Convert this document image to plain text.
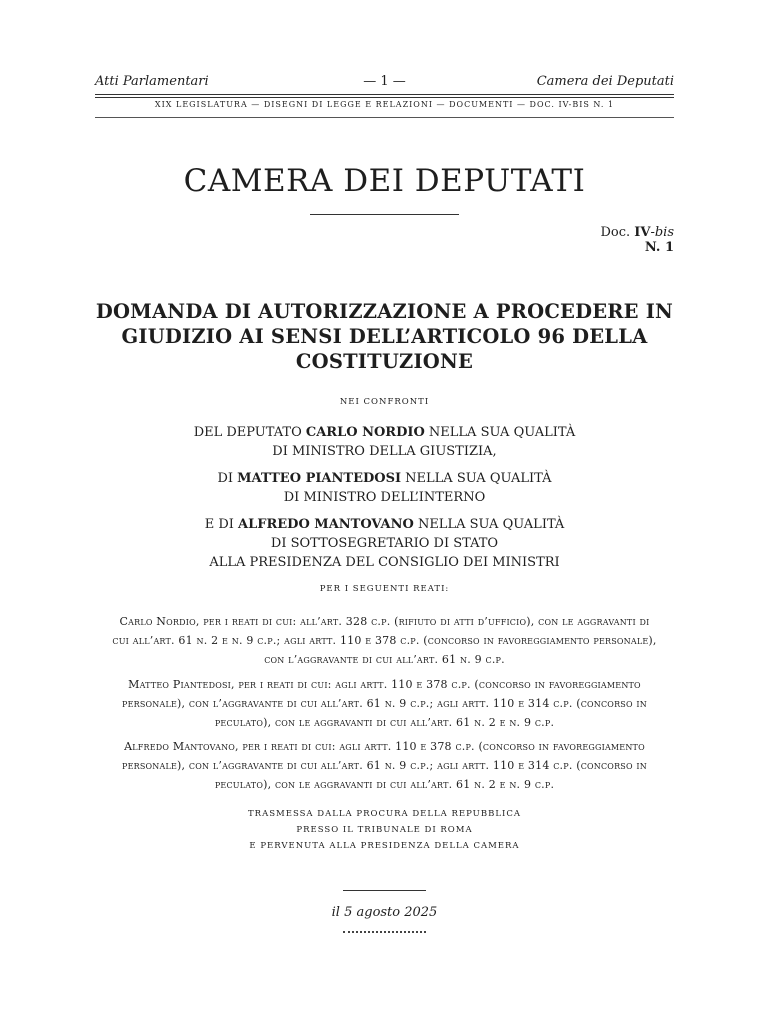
Atti Parlamentari	— 1 —	Camera dei Deputati
XIX LEGISLATURA — DISEGNI DI LEGGE E RELAZIONI — DOCUMENTI — DOC. IV-BIS N. 1
CAMERA DEI DEPUTATI
Doc. IV-bis
N. 1
DOMANDA DI AUTORIZZAZIONE A PROCEDERE IN GIUDIZIO AI SENSI DELL’ARTICOLO 96 DELLA COSTITUZIONE
NEI CONFRONTI
DEL DEPUTATO CARLO NORDIO NELLA SUA QUALITÀ
DI MINISTRO DELLA GIUSTIZIA,
DI MATTEO PIANTEDOSI NELLA SUA QUALITÀ
DI MINISTRO DELL’INTERNO
E DI ALFREDO MANTOVANO NELLA SUA QUALITÀ
DI SOTTOSEGRETARIO DI STATO
ALLA PRESIDENZA DEL CONSIGLIO DEI MINISTRI
PER I SEGUENTI REATI:
Carlo Nordio, per i reati di cui: all’art. 328 c.p. (rifiuto di atti d’ufficio), con le aggravanti di
cui all’art. 61 n. 2 e n. 9 c.p.; agli artt. 110 e 378 c.p. (concorso in favoreggiamento personale),
con l’aggravante di cui all’art. 61 n. 9 c.p.
Matteo Piantedosi, per i reati di cui: agli artt. 110 e 378 c.p. (concorso in favoreggiamento
personale), con l’aggravante di cui all’art. 61 n. 9 c.p.; agli artt. 110 e 314 c.p. (concorso in
peculato), con le aggravanti di cui all’art. 61 n. 2 e n. 9 c.p.
Alfredo Mantovano, per i reati di cui: agli artt. 110 e 378 c.p. (concorso in favoreggiamento
personale), con l’aggravante di cui all’art. 61 n. 9 c.p.; agli artt. 110 e 314 c.p. (concorso in
peculato), con le aggravanti di cui all’art. 61 n. 2 e n. 9 c.p.
TRASMESSA DALLA PROCURA DELLA REPUBBLICA
PRESSO IL TRIBUNALE DI ROMA
E PERVENUTA ALLA PRESIDENZA DELLA CAMERA
il 5 agosto 2025
